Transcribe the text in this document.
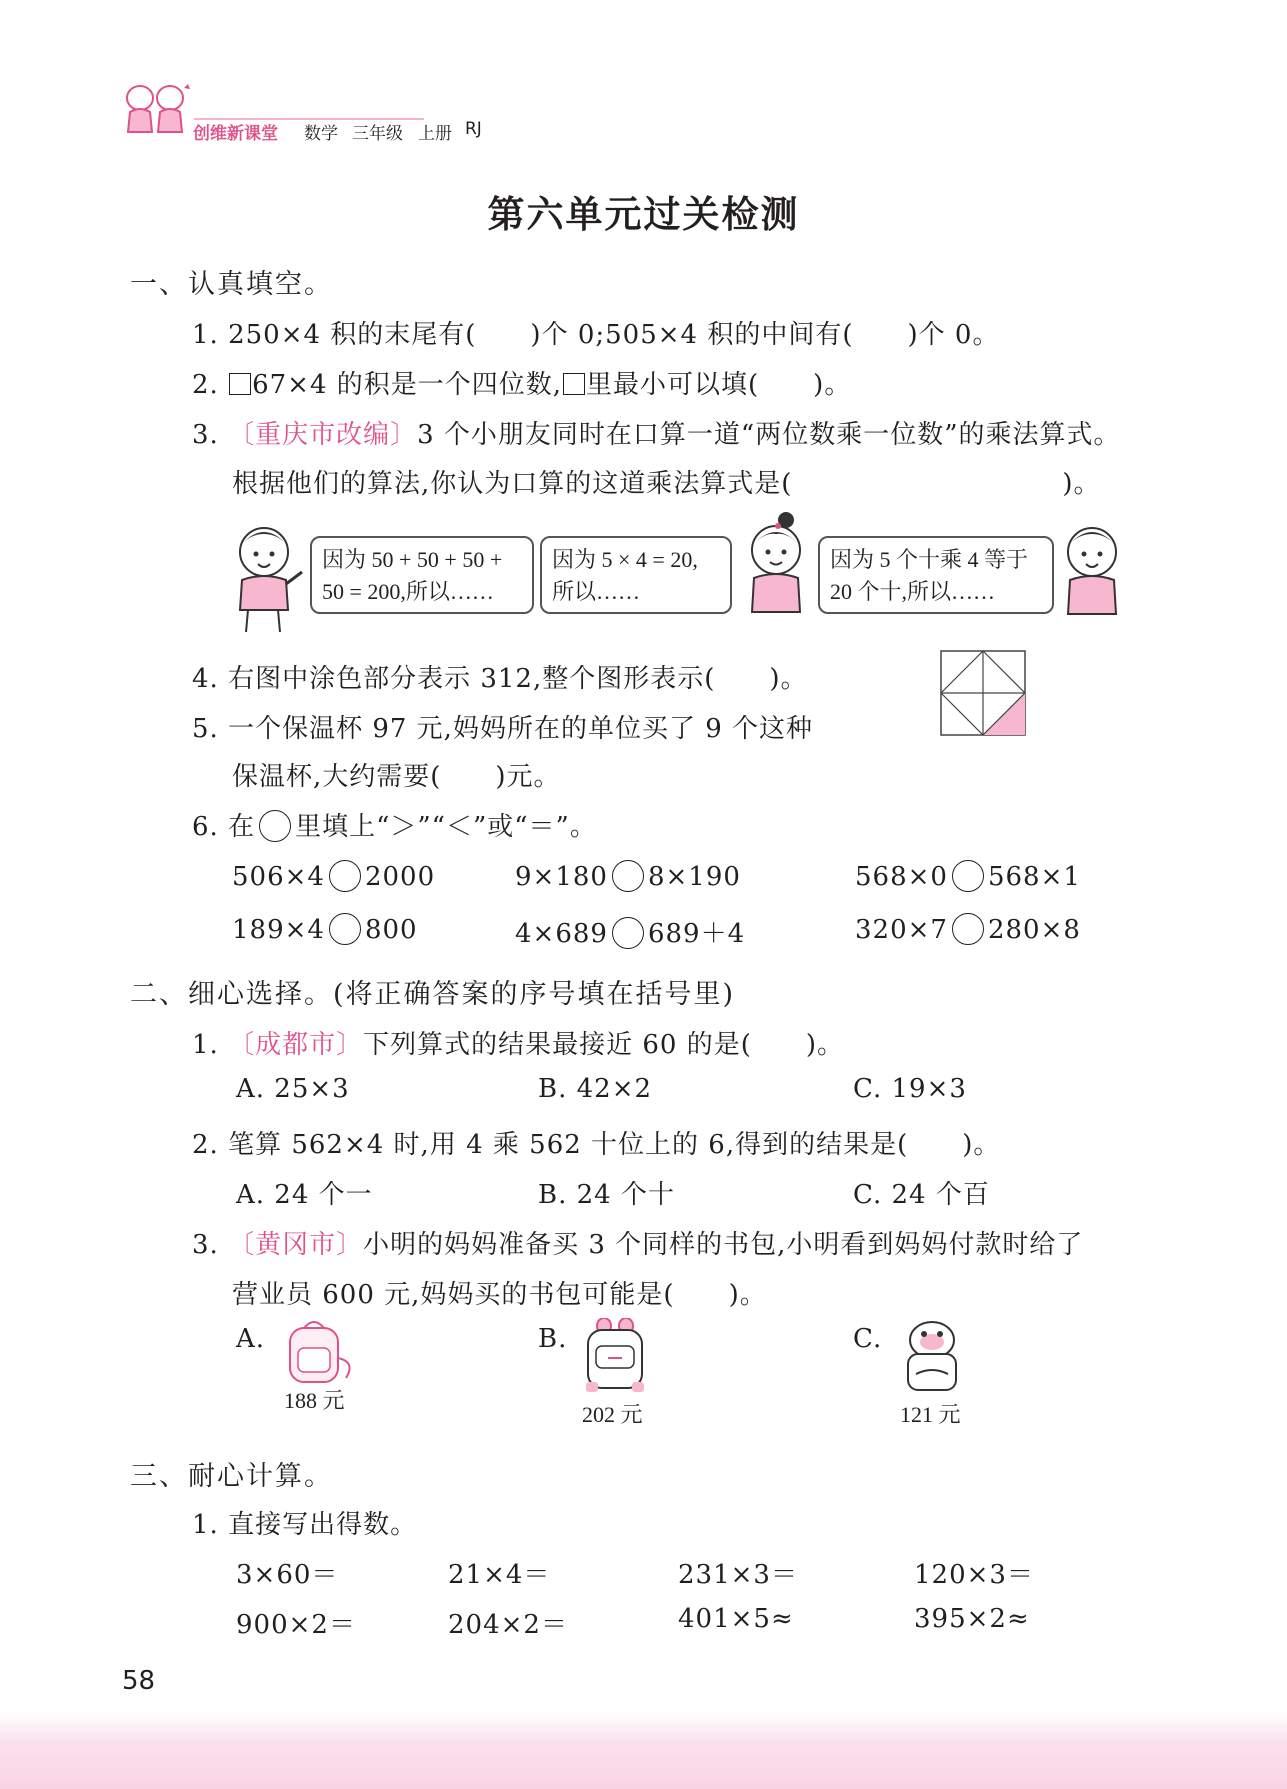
创维新课堂 数学 三年级 上册 RJ
第六单元过关检测
一、认真填空。
1. 250×4 积的末尾有(　　)个 0;505×4 积的中间有(　　)个 0。
2. 67×4 的积是一个四位数, 里最小可以填(　　)。
3. 〔重庆市改编〕3 个小朋友同时在口算一道“两位数乘一位数”的乘法算式。
根据他们的算法,你认为口算的这道乘法算式是(　　　　　　　　　　)。
因为 50 + 50 + 50 +
50 = 200,所以……
因为 5 × 4 = 20,
所以……
因为 5 个十乘 4 等于
20 个十,所以……
4. 右图中涂色部分表示 312,整个图形表示(　　)。
5. 一个保温杯 97 元,妈妈所在的单位买了 9 个这种
保温杯,大约需要(　　)元。
6. 在 里填上“＞”“＜”或“＝”。
506×4 2000	9×180 8×190	568×0 568×1
189×4 800	4×689 689＋4	320×7 280×8
二、细心选择。(将正确答案的序号填在括号里)
1. 〔成都市〕下列算式的结果最接近 60 的是(　　)。
A. 25×3	B. 42×2	C. 19×3
2. 笔算 562×4 时,用 4 乘 562 十位上的 6,得到的结果是(　　)。
A. 24 个一	B. 24 个十	C. 24 个百
3. 〔黄冈市〕小明的妈妈准备买 3 个同样的书包,小明看到妈妈付款时给了
营业员 600 元,妈妈买的书包可能是(　　)。
A.
188 元
B.
202 元
C.
121 元
三、耐心计算。
1. 直接写出得数。
3×60＝	21×4＝	231×3＝	120×3＝
900×2＝	204×2＝	401×5≈	395×2≈
58
